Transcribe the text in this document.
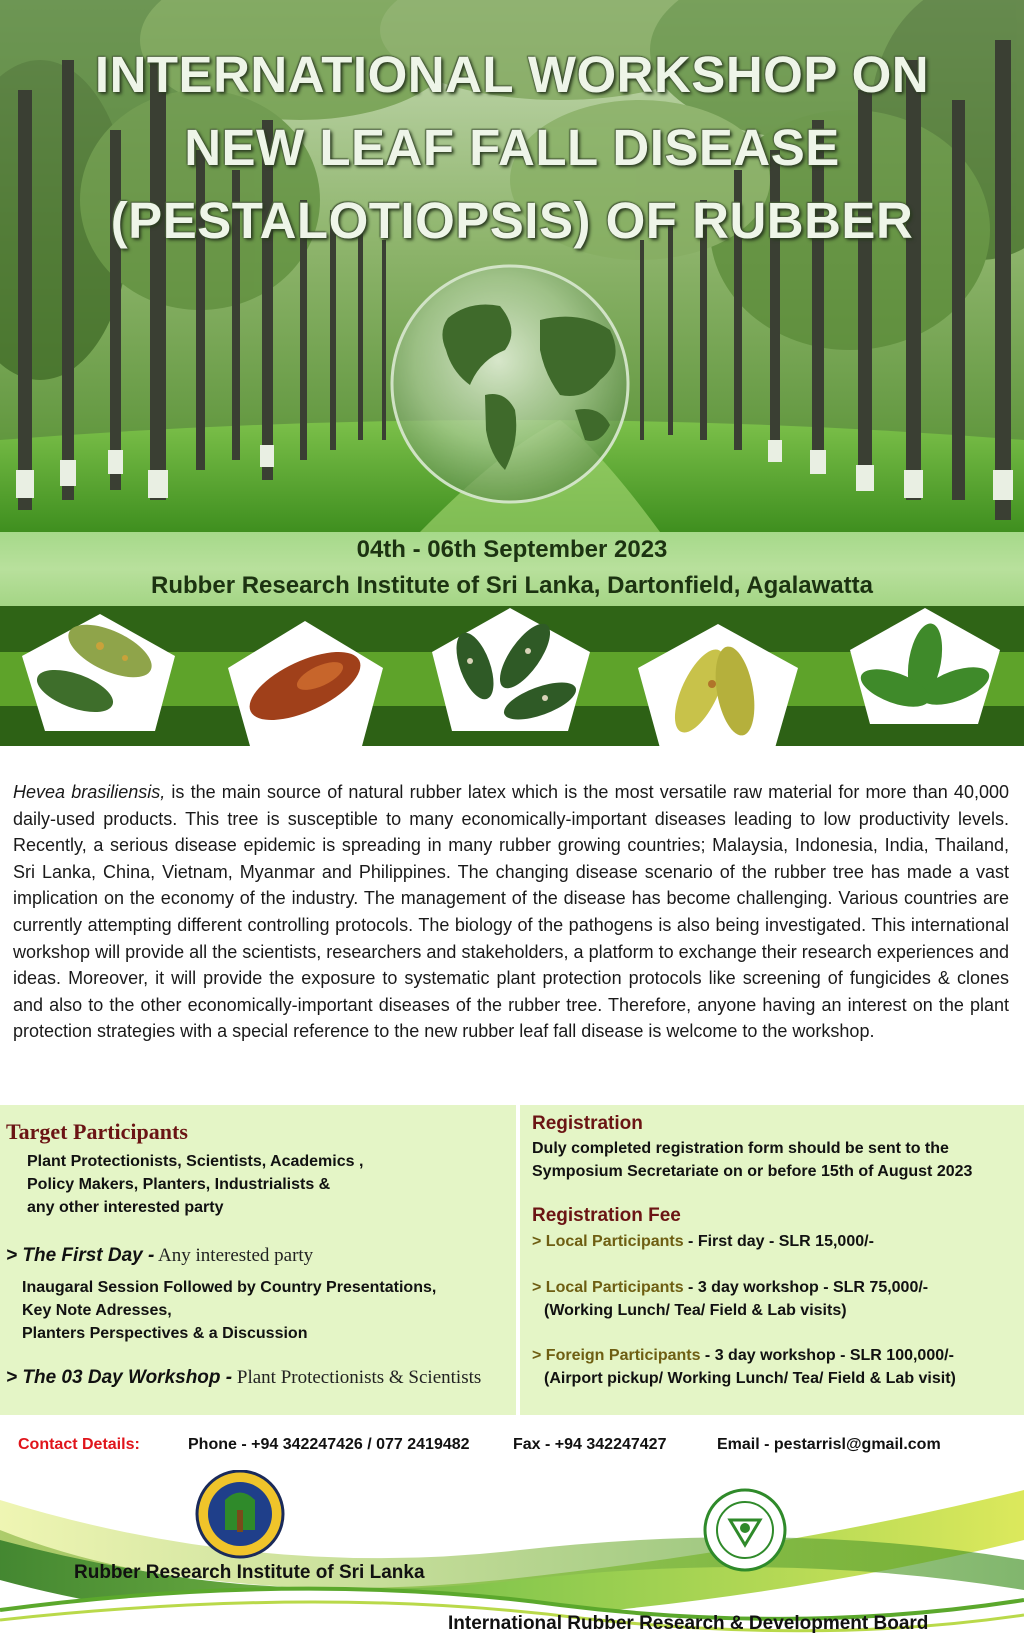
INTERNATIONAL WORKSHOP ON
NEW LEAF FALL DISEASE
(PESTALOTIOPSIS) OF RUBBER
04th - 06th September 2023
Rubber Research Institute of Sri Lanka, Dartonfield, Agalawatta

Hevea brasiliensis, is the main source of natural rubber latex which is the most versatile raw material for more than 40,000 daily-used products. This tree is susceptible to many economically-important diseases leading to low productivity levels. Recently, a serious disease epidemic is spreading in many rubber growing countries; Malaysia, Indonesia, India, Thailand, Sri Lanka, China, Vietnam, Myanmar and Philippines. The changing disease scenario of the rubber tree has made a vast implication on the economy of the industry. The management of the disease has become challenging. Various countries are currently attempting different controlling protocols. The biology of the pathogens is also being investigated. This international workshop will provide all the scientists, researchers and stakeholders, a platform to exchange their research experiences and ideas. Moreover, it will provide the exposure to systematic plant protection protocols like screening of fungicides & clones and also to the other economically-important diseases of the rubber tree. Therefore, anyone having an interest on the plant protection strategies with a special reference to the new rubber leaf fall disease is welcome to the workshop.

Target Participants
Plant Protectionists, Scientists, Academics ,
Policy Makers, Planters, Industrialists &
any other interested party
> The First Day - Any interested party
Inaugaral Session Followed by Country Presentations,
Key Note Adresses,
Planters Perspectives & a Discussion
> The 03 Day Workshop - Plant Protectionists & Scientists
Registration
Duly completed registration form should be sent to the
Symposium Secretariate on or before 15th of August 2023
Registration Fee
> Local Participants - First day - SLR 15,000/-
> Local Participants - 3 day workshop - SLR 75,000/-
(Working Lunch/ Tea/ Field & Lab visits)
> Foreign Participants - 3 day workshop - SLR 100,000/-
(Airport pickup/ Working Lunch/ Tea/ Field & Lab visit)
Contact Details:	Phone - +94 342247426 / 077 2419482	Fax - +94 342247427	Email - pestarrisl@gmail.com
Rubber Research Institute of Sri Lanka
International Rubber Research & Development Board
